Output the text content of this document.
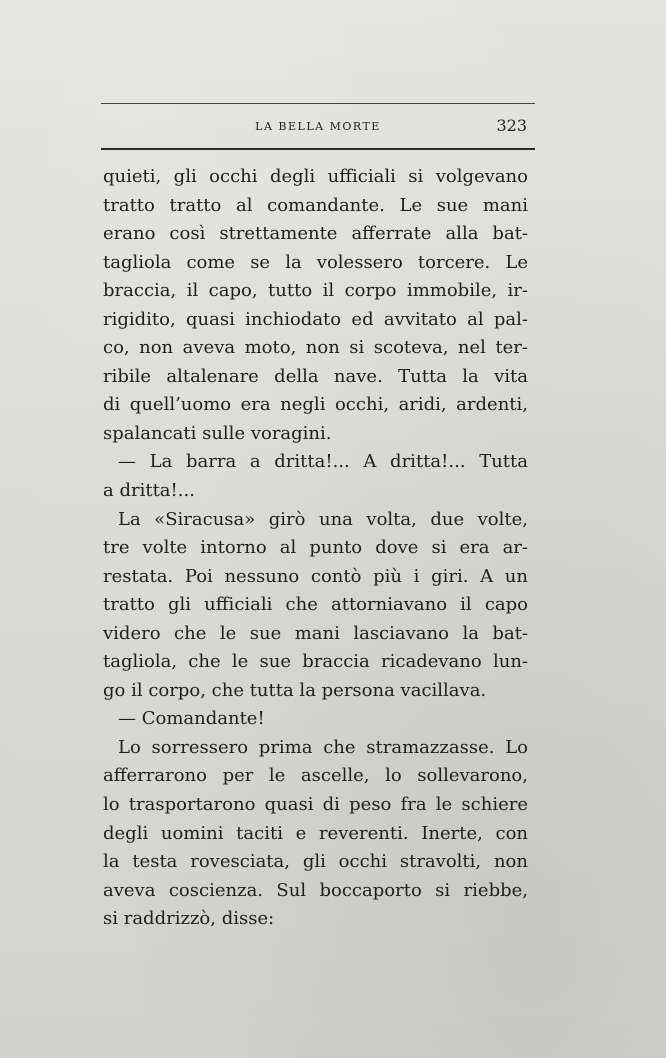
LA BELLA MORTE	323
quieti, gli occhi degli ufficiali si volgevano
tratto tratto al comandante. Le sue mani
erano così strettamente afferrate alla bat-
tagliola come se la volessero torcere. Le
braccia, il capo, tutto il corpo immobile, ir-
rigidito, quasi inchiodato ed avvitato al pal-
co, non aveva moto, non si scoteva, nel ter-
ribile altalenare della nave. Tutta la vita
di quell’uomo era negli occhi, aridi, ardenti,
spalancati sulle voragini.
— La barra a dritta!... A dritta!... Tutta
a dritta!...
La «Siracusa» girò una volta, due volte,
tre volte intorno al punto dove si era ar-
restata. Poi nessuno contò più i giri. A un
tratto gli ufficiali che attorniavano il capo
videro che le sue mani lasciavano la bat-
tagliola, che le sue braccia ricadevano lun-
go il corpo, che tutta la persona vacillava.
— Comandante!
Lo sorressero prima che stramazzasse. Lo
afferrarono per le ascelle, lo sollevarono,
lo trasportarono quasi di peso fra le schiere
degli uomini taciti e reverenti. Inerte, con
la testa rovesciata, gli occhi stravolti, non
aveva coscienza. Sul boccaporto si riebbe,
si raddrizzò, disse:
